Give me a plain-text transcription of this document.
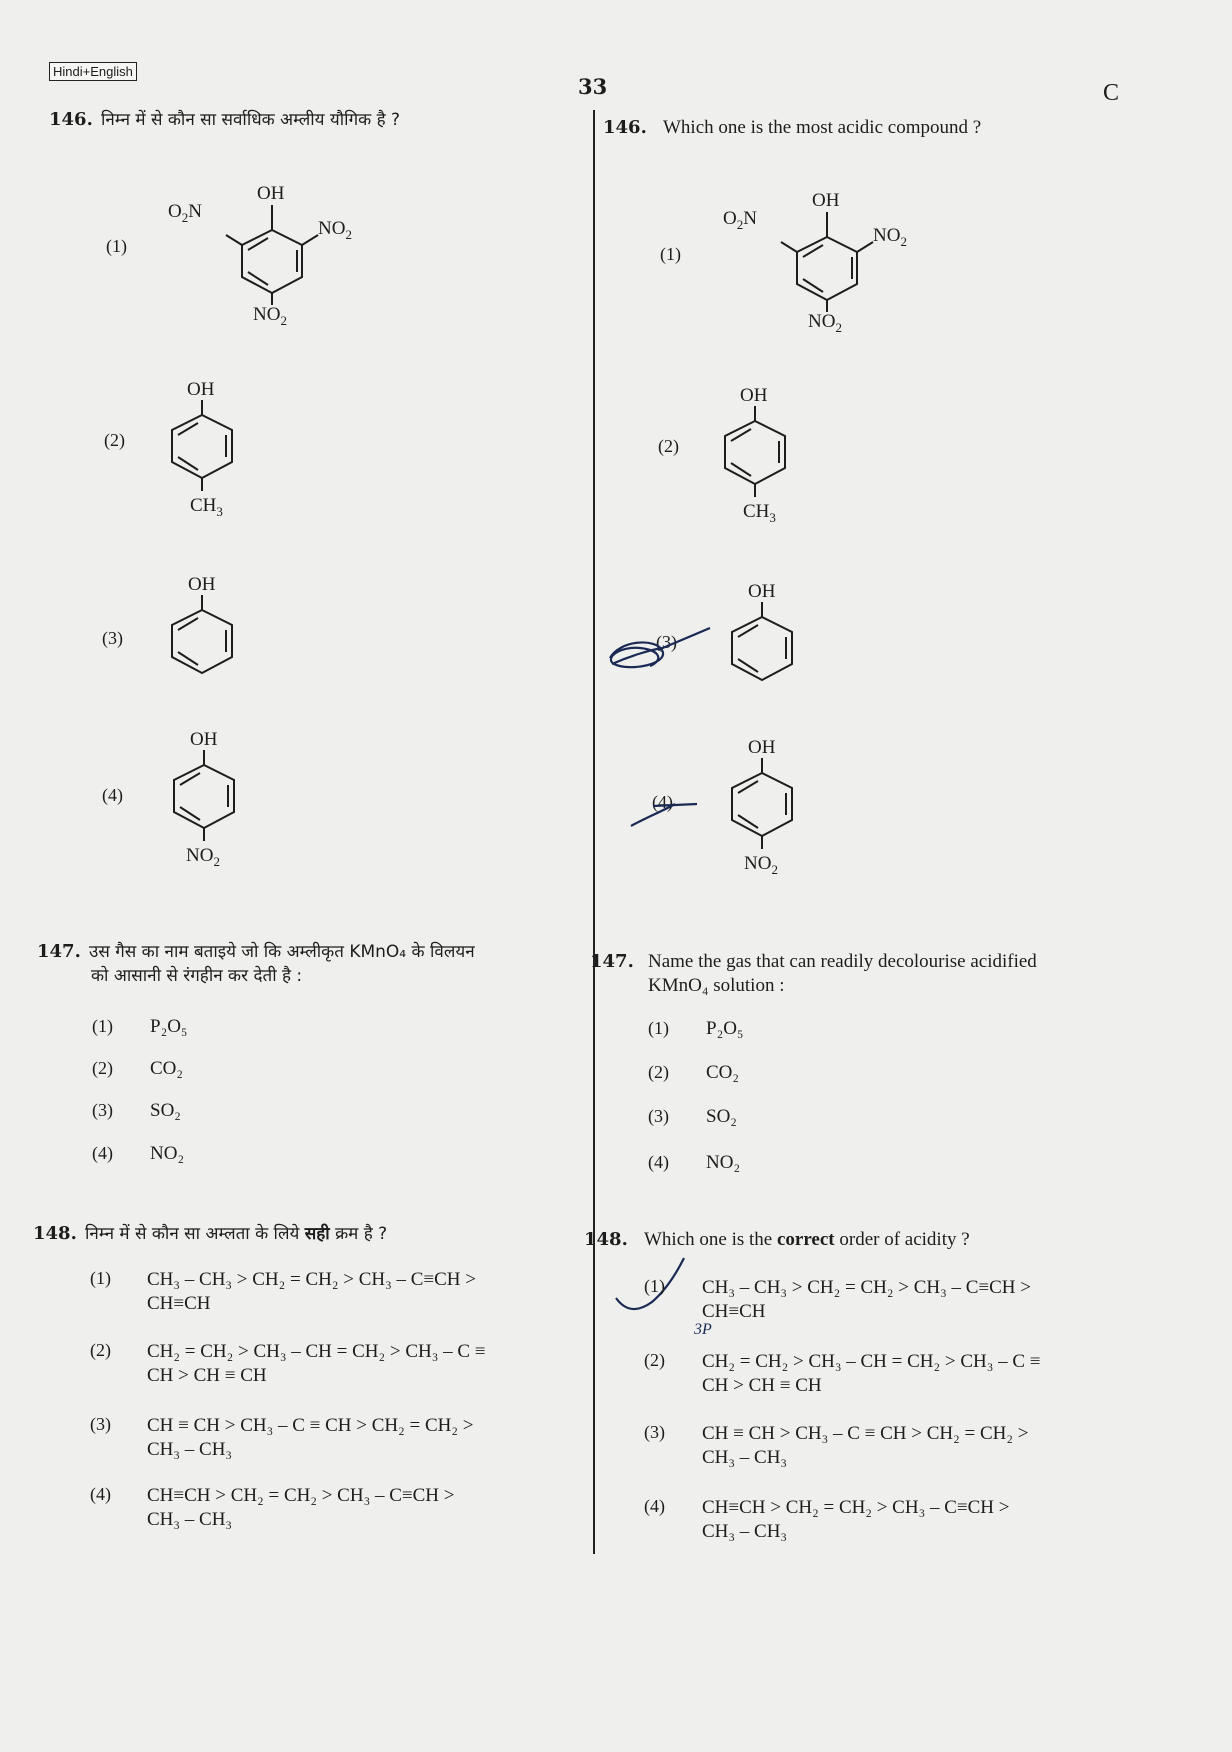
Hindi+English
33	C
146. निम्न में से कौन सा सर्वाधिक अम्लीय यौगिक है ?
(1)
OH
$NO_2$
$O_2N$
$NO_2$
(2)
OH
$CH_3$
(3)
OH
(4)
OH
$NO_2$
147. उस गैस का नाम बताइये जो कि अम्लीकृत KMnO₄ के विलयन
को आसानी से रंगहीन कर देती है :
(1) P₂O₅
(2) CO₂
(3) SO₂
(4) NO₂
148. निम्न में से कौन सा अम्लता के लिये सही क्रम है ?
(1) CH₃ – CH₃ > CH₂ = CH₂ > CH₃ – C≡CH >
CH≡CH
(2) CH₂ = CH₂ > CH₃ – CH = CH₂ > CH₃ – C ≡
CH > CH ≡ CH
(3) CH ≡ CH > CH₃ – C ≡ CH > CH₂ = CH₂ >
CH₃ – CH₃
(4) CH≡CH > CH₂ = CH₂ > CH₃ – C≡CH >
CH₃ – CH₃
146. Which one is the most acidic compound ?
(1)
OH
$NO_2$
$O_2N$
$NO_2$
(2)
OH
$CH_3$
(3)
OH
(4)
OH
$NO_2$
147. Name the gas that can readily decolourise acidified
KMnO₄ solution :
(1) P₂O₅
(2) CO₂
(3) SO₂
(4) NO₂
148. Which one is the correct order of acidity ?
3P
(1) CH₃ – CH₃ > CH₂ = CH₂ > CH₃ – C≡CH >
CH≡CH
(2) CH₂ = CH₂ > CH₃ – CH = CH₂ > CH₃ – C ≡
CH > CH ≡ CH
(3) CH ≡ CH > CH₃ – C ≡ CH > CH₂ = CH₂ >
CH₃ – CH₃
(4) CH≡CH > CH₂ = CH₂ > CH₃ – C≡CH >
CH₃ – CH₃
